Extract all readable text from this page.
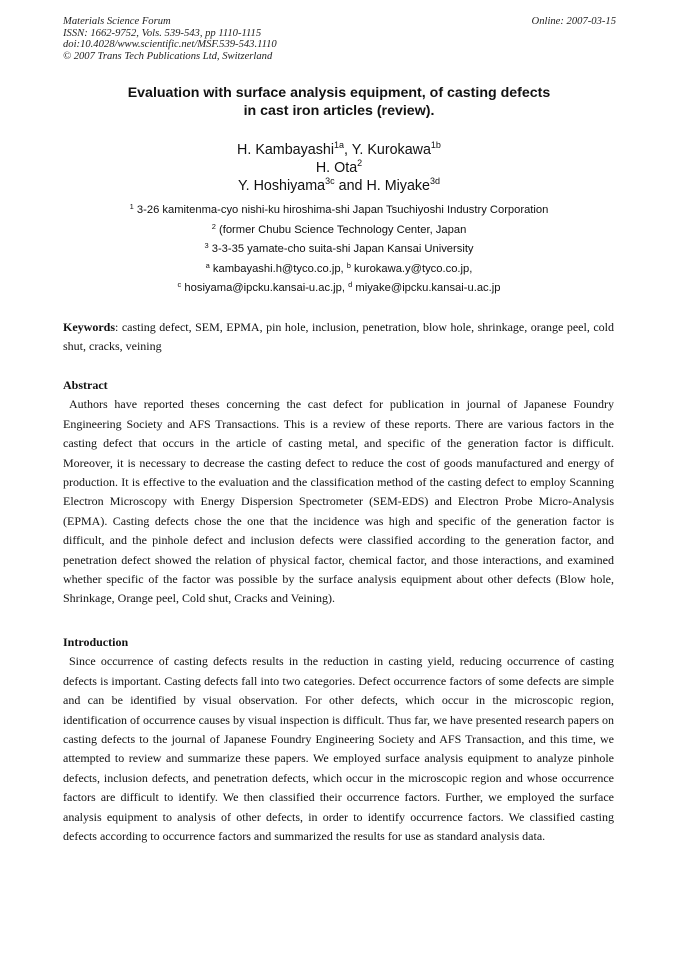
Materials Science Forum
ISSN: 1662-9752, Vols. 539-543, pp 1110-1115
doi:10.4028/www.scientific.net/MSF.539-543.1110
© 2007 Trans Tech Publications Ltd, Switzerland
Online: 2007-03-15
Evaluation with surface analysis equipment, of casting defects
in cast iron articles (review).
H. Kambayashi$^{1a}$, Y. Kurokawa$^{1b}$
H. Ota$^2$
Y. Hoshiyama$^{3c}$ and H. Miyake$^{3d}$
$^1$ 3-26 kamitenma-cyo nishi-ku hiroshima-shi Japan Tsuchiyoshi Industry Corporation
$^2$ (former Chubu Science Technology Center, Japan
$^3$ 3-3-35 yamate-cho suita-shi Japan Kansai University
$^a$ kambayashi.h@tyco.co.jp, $^b$ kurokawa.y@tyco.co.jp,
$^c$ hosiyama@ipcku.kansai-u.ac.jp, $^d$ miyake@ipcku.kansai-u.ac.jp
Keywords: casting defect, SEM, EPMA, pin hole, inclusion, penetration, blow hole, shrinkage, orange peel, cold shut, cracks, veining
Abstract
Authors have reported theses concerning the cast defect for publication in journal of Japanese Foundry Engineering Society and AFS Transactions. This is a review of these reports. There are various factors in the casting defect that occurs in the article of casting metal, and specific of the generation factor is difficult. Moreover, it is necessary to decrease the casting defect to reduce the cost of goods manufactured and energy of production. It is effective to the evaluation and the classification method of the casting defect to employ Scanning Electron Microscopy with Energy Dispersion Spectrometer (SEM-EDS) and Electron Probe Micro-Analysis (EPMA). Casting defects chose the one that the incidence was high and specific of the generation factor is difficult, and the pinhole defect and inclusion defects were classified according to the generation factor, and penetration defect showed the relation of physical factor, chemical factor, and those interactions, and examined whether specific of the factor was possible by the surface analysis equipment about other defects (Blow hole, Shrinkage, Orange peel, Cold shut, Cracks and Veining).
Introduction
Since occurrence of casting defects results in the reduction in casting yield, reducing occurrence of casting defects is important. Casting defects fall into two categories. Defect occurrence factors of some defects are simple and can be identified by visual observation. For other defects, which occur in the microscopic region, identification of occurrence causes by visual inspection is difficult. Thus far, we have presented research papers on casting defects to the journal of Japanese Foundry Engineering Society and AFS Transaction, and this time, we attempted to review and summarize these papers. We employed surface analysis equipment to analyze pinhole defects, inclusion defects, and penetration defects, which occur in the microscopic region and whose occurrence factors are difficult to identify. We then classified their occurrence factors. Further, we employed the surface analysis equipment to analysis of other defects, in order to identify occurrence factors. We classified casting defects according to occurrence factors and summarized the results for use as standard analysis data.
